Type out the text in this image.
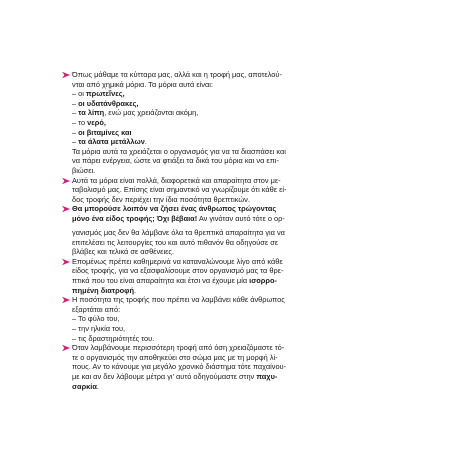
Όπως μάθαμε τα κύτταρα μας, αλλά και η τροφή μας, αποτελού-
νται από χημικά μόρια. Τα μόρια αυτά είναι:
– οι πρωτεΐνες,
– οι υδατάνθρακες,
– τα λίπη, ενώ μας χρειάζονται ακόμη,
– το νερό,
– οι βιταμίνες και
– τα άλατα μετάλλων.

Τα μόρια αυτά τα χρειάζεται ο οργανισμός για να τα διασπάσει και
να πάρει ενέργεια, ώστε να φτιάξει τα δικά του μόρια και να επι-
βιώσει.

Αυτά τα μόρια είναι πολλά, διαφορετικά και απαραίτητα στον με-
ταβολισμό μας. Επίσης είναι σημαντικό να γνωρίζουμε ότι κάθε εί-
δος τροφής δεν περιέχει την ίδια ποσότητα θρεπτικών.

Θα μπορούσε λοιπόν να ζήσει ένας άνθρωπος τρώγοντας
μόνο ένα είδος τροφής; Όχι βέβαια! Αν γινόταν αυτό τότε ο ορ-

γανισμός μας δεν θα λάμβανε όλα τα θρεπτικά απαραίτητα για να
επιτελέσει τις λειτουργίες του και αυτό πιθανόν θα οδηγούσε σε
βλάβες και τελικά σε ασθένειες.

Επομένως πρέπει καθημερινά να καταναλώνουμε λίγο από κάθε
είδος τροφής, για να εξασφαλίσουμε στον οργανισμό μας τα θρε-
πτικά που του είναι απαραίτητα και έτσι να έχουμε μία ισορρο-
πημένη διατροφή.

Η ποσότητα της τροφής που πρέπει να λαμβάνει κάθε άνθρωπος
εξαρτάται από:
– Το φύλο του,
– την ηλικία του,
– τις δραστηριότητές του.

Όταν λαμβάνουμε περισσότερη τροφή από όση χρειαζόμαστε τό-
τε ο οργανισμός την αποθηκεύει στο σώμα μας με τη μορφή λί-
πους. Αν το κάνουμε για μεγάλο χρονικό διάστημα τότε παχαίνου-
με και αν δεν λάβουμε μέτρα γι' αυτό οδηγούμαστε στην παχυ-
σαρκία.
